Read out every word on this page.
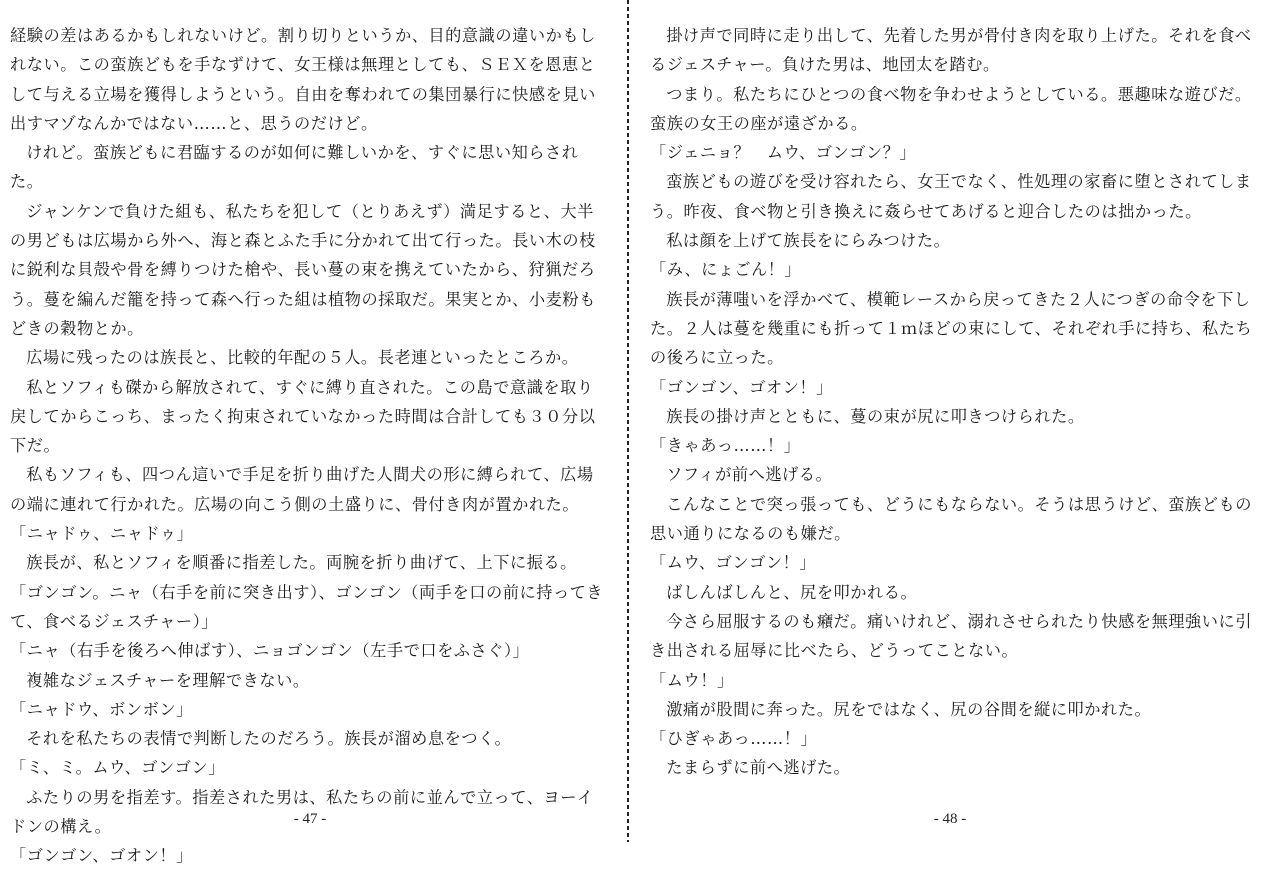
経験の差はあるかもしれないけど。割り切りというか、目的意識の違いかもしれない。この蛮族どもを手なずけて、女王様は無理としても、ＳＥＸを恩恵として与える立場を獲得しようという。自由を奪われての集団暴行に快感を見い出すマゾなんかではない……と、思うのだけど。

けれど。蛮族どもに君臨するのが如何に難しいかを、すぐに思い知らされた。

ジャンケンで負けた組も、私たちを犯して（とりあえず）満足すると、大半の男どもは広場から外へ、海と森とふた手に分かれて出て行った。長い木の枝に鋭利な貝殻や骨を縛りつけた槍や、長い蔓の束を携えていたから、狩猟だろう。蔓を編んだ籠を持って森へ行った組は植物の採取だ。果実とか、小麦粉もどきの穀物とか。

広場に残ったのは族長と、比較的年配の５人。長老連といったところか。

私とソフィも磔から解放されて、すぐに縛り直された。この島で意識を取り戻してからこっち、まったく拘束されていなかった時間は合計しても３０分以下だ。

私もソフィも、四つん這いで手足を折り曲げた人間犬の形に縛られて、広場の端に連れて行かれた。広場の向こう側の土盛りに、骨付き肉が置かれた。

「ニャドゥ、ニャドゥ」

族長が、私とソフィを順番に指差した。両腕を折り曲げて、上下に振る。

「ゴンゴン。ニャ（右手を前に突き出す）、ゴンゴン（両手を口の前に持ってきて、食べるジェスチャー）」

「ニャ（右手を後ろへ伸ばす）、ニョゴンゴン（左手で口をふさぐ）」

複雑なジェスチャーを理解できない。

「ニャドウ、ボンボン」

それを私たちの表情で判断したのだろう。族長が溜め息をつく。

「ミ、ミ。ムウ、ゴンゴン」

ふたりの男を指差す。指差された男は、私たちの前に並んで立って、ヨーイドンの構え。

「ゴンゴン、ゴオン！」

- 47 -

掛け声で同時に走り出して、先着した男が骨付き肉を取り上げた。それを食べるジェスチャー。負けた男は、地団太を踏む。

つまり。私たちにひとつの食べ物を争わせようとしている。悪趣味な遊びだ。蛮族の女王の座が遠ざかる。

「ジェニョ？　ムウ、ゴンゴン？」

蛮族どもの遊びを受け容れたら、女王でなく、性処理の家畜に堕とされてしまう。昨夜、食べ物と引き換えに姦らせてあげると迎合したのは拙かった。

私は顔を上げて族長をにらみつけた。

「み、にょごん！」

族長が薄嗤いを浮かべて、模範レースから戻ってきた２人につぎの命令を下した。２人は蔓を幾重にも折って１ｍほどの束にして、それぞれ手に持ち、私たちの後ろに立った。

「ゴンゴン、ゴオン！」

族長の掛け声とともに、蔓の束が尻に叩きつけられた。

「きゃあっ……！」

ソフィが前へ逃げる。

こんなことで突っ張っても、どうにもならない。そうは思うけど、蛮族どもの思い通りになるのも嫌だ。

「ムウ、ゴンゴン！」

ばしんばしんと、尻を叩かれる。

今さら屈服するのも癪だ。痛いけれど、溺れさせられたり快感を無理強いに引き出される屈辱に比べたら、どうってことない。

「ムウ！」

激痛が股間に奔った。尻をではなく、尻の谷間を縦に叩かれた。

「ひぎゃあっ……！」

たまらずに前へ逃げた。

- 48 -
